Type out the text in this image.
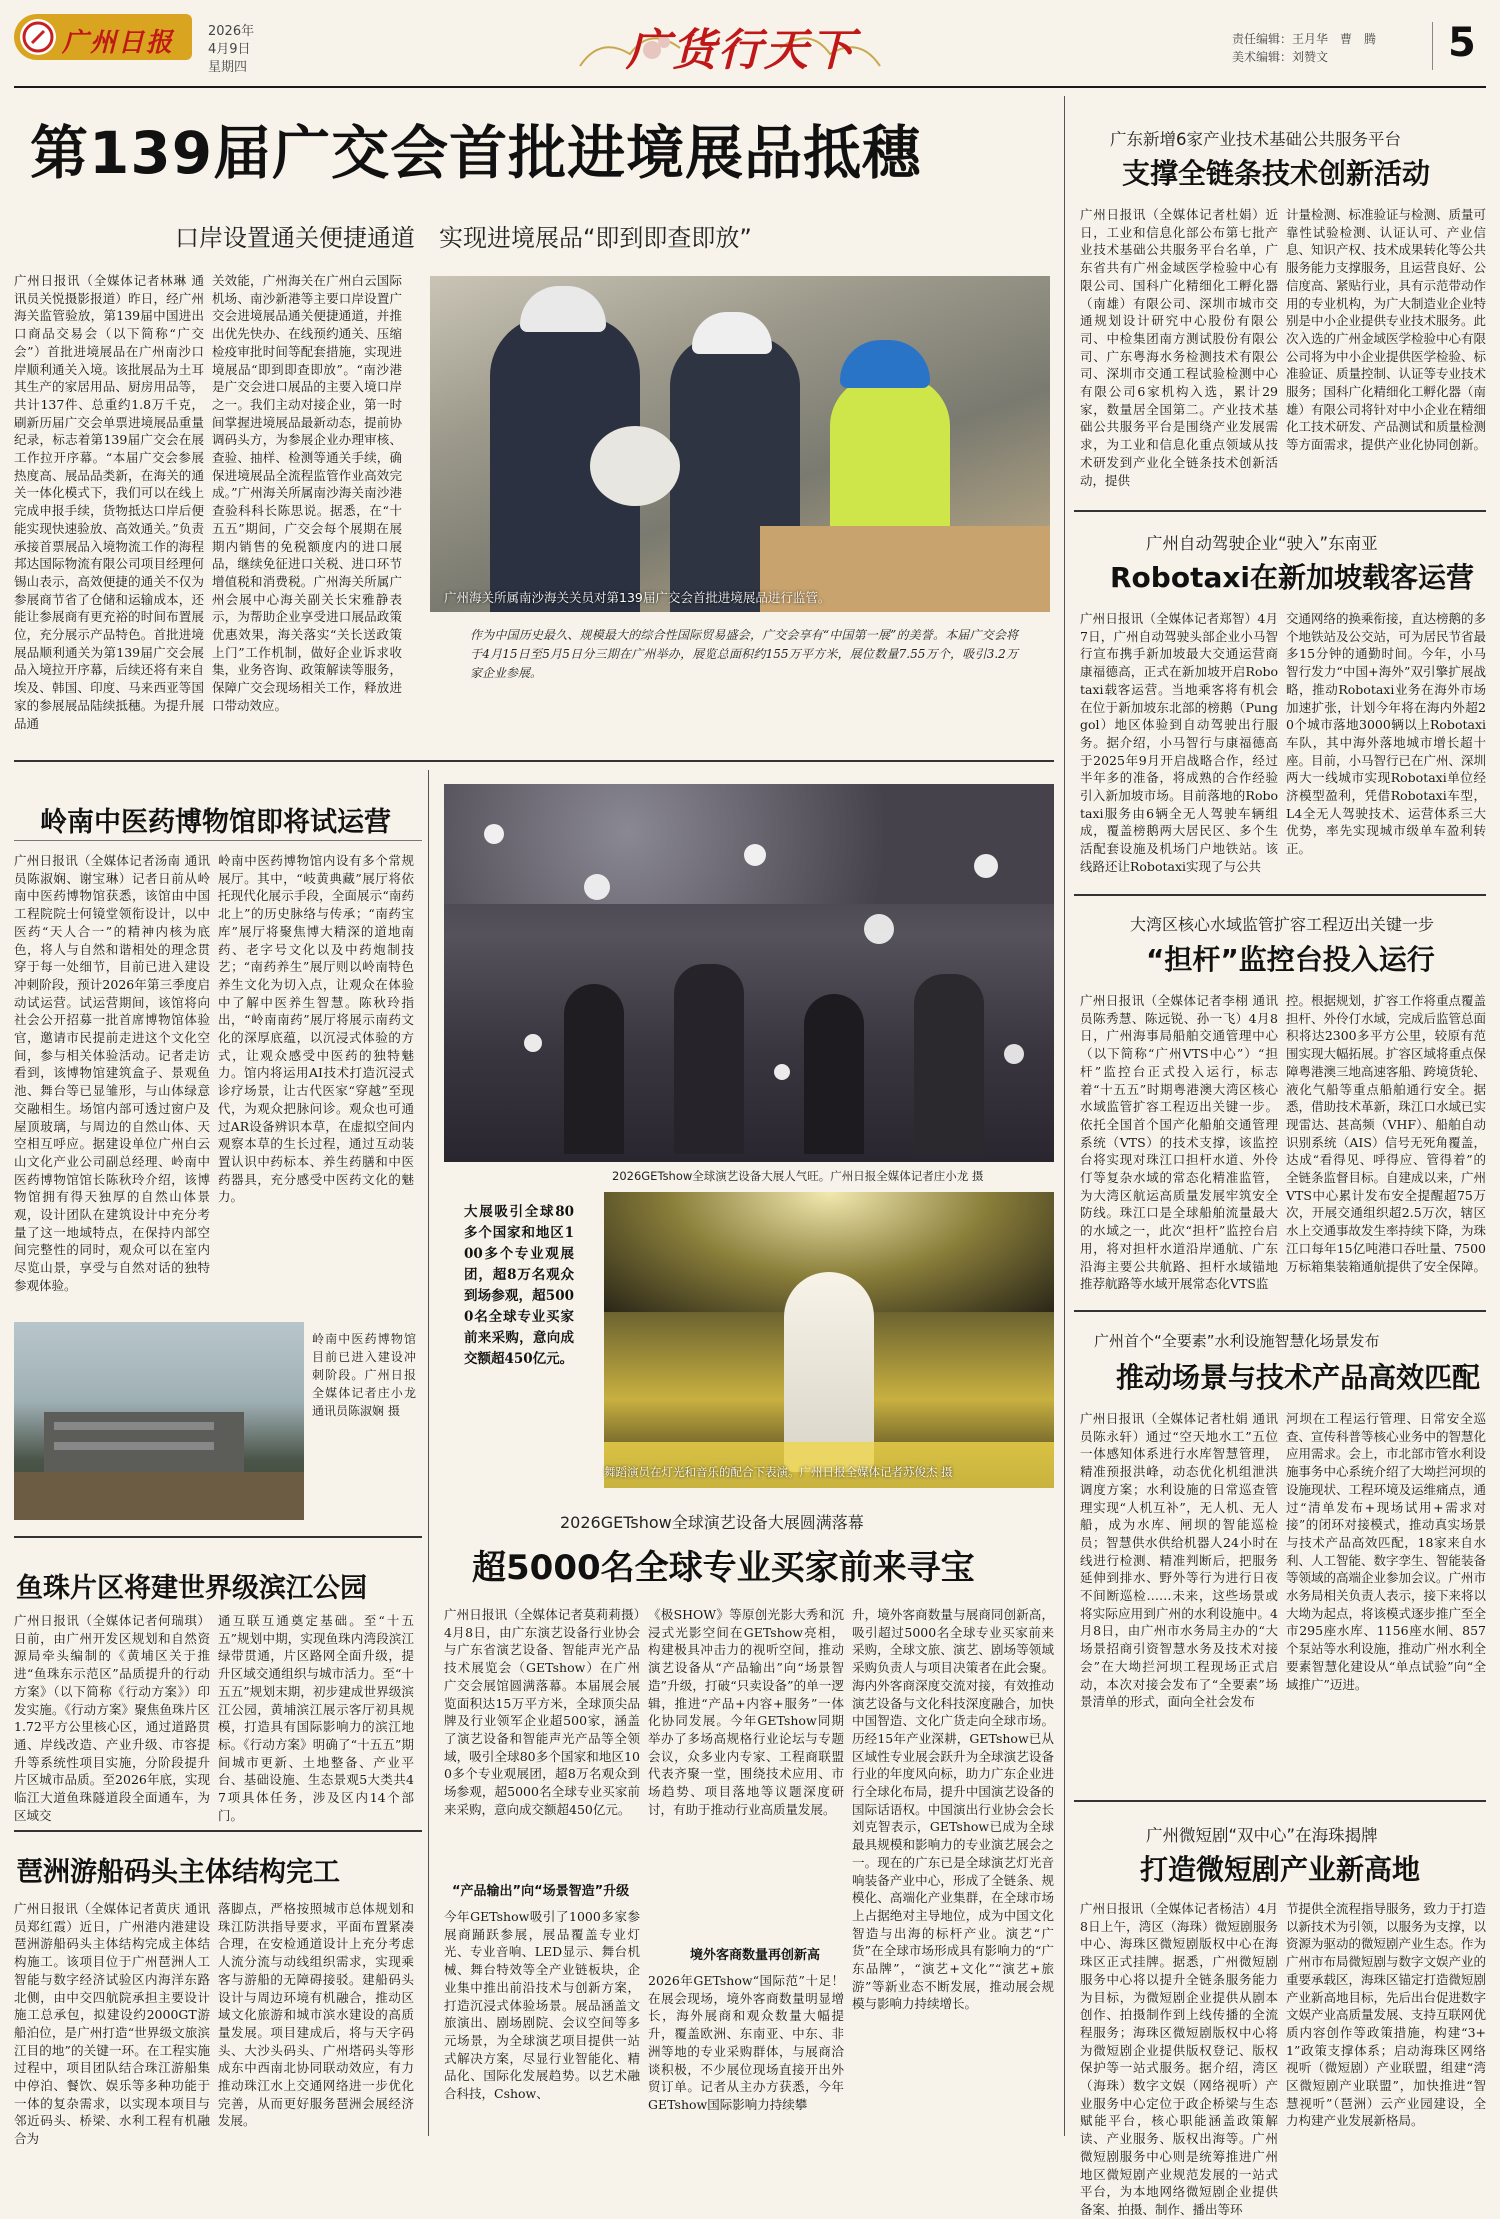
广州日报	2026年
4月9日
星期四	广货行天下	责任编辑：王月华　曹　腾
美术编辑：刘赞文	5
第139届广交会首批进境展品抵穗
口岸设置通关便捷通道　实现进境展品“即到即查即放”
广州日报讯（全媒体记者林琳 通讯员关悦摄影报道）昨日，经广州海关监管验放，第139届中国进出口商品交易会（以下简称“广交会”）首批进境展品在广州南沙口岸顺利通关入境。该批展品为土耳其生产的家居用品、厨房用品等，共计137件、总重约1.8万千克，刷新历届广交会单票进境展品重量纪录，标志着第139届广交会在展工作拉开序幕。“本届广交会参展热度高、展品品类新，在海关的通关一体化模式下，我们可以在线上完成申报手续，货物抵达口岸后便能实现快速验放、高效通关。”负责承接首票展品入境物流工作的海程邦达国际物流有限公司项目经理何锡山表示，高效便捷的通关不仅为参展商节省了仓储和运输成本，还能让参展商有更充裕的时间布置展位，充分展示产品特色。首批进境展品顺利通关为第139届广交会展品入境拉开序幕，后续还将有来自埃及、韩国、印度、马来西亚等国家的参展展品陆续抵穗。为提升展品通
关效能，广州海关在广州白云国际机场、南沙新港等主要口岸设置广交会进境展品通关便捷通道，并推出优先快办、在线预约通关、压缩检疫审批时间等配套措施，实现进境展品“即到即查即放”。“南沙港是广交会进口展品的主要入境口岸之一。我们主动对接企业，第一时间掌握进境展品最新动态，提前协调码头方，为参展企业办理审核、查验、抽样、检测等通关手续，确保进境展品全流程监管作业高效完成。”广州海关所属南沙海关南沙港查验科科长陈思说。据悉，在“十五五”期间，广交会每个展期在展期内销售的免税额度内的进口展品，继续免征进口关税、进口环节增值税和消费税。广州海关所属广州会展中心海关副关长宋雅静表示，为帮助企业享受进口展品政策优惠效果，海关落实“关长送政策上门”工作机制，做好企业诉求收集，业务咨询、政策解读等服务，保障广交会现场相关工作，释放进口带动效应。
广州海关所属南沙海关关员对第139届广交会首批进境展品进行监管。
作为中国历史最久、规模最大的综合性国际贸易盛会，广交会享有“中国第一展”的美誉。本届广交会将于4月15日至5月5日分三期在广州举办，展览总面积约155万平方米，展位数量7.55万个，吸引3.2万家企业参展。
岭南中医药博物馆即将试运营
广州日报讯（全媒体记者汤南 通讯员陈淑娴、谢宝琳）记者日前从岭南中医药博物馆获悉，该馆由中国工程院院士何镜堂领衔设计，以中医药“天人合一”的精神内核为底色，将人与自然和谐相处的理念贯穿于每一处细节，目前已进入建设冲刺阶段，预计2026年第三季度启动试运营。试运营期间，该馆将向社会公开招募一批首席博物馆体验官，邀请市民提前走进这个文化空间，参与相关体验活动。记者走访看到，该博物馆建筑盒子、景观鱼池、舞台等已显雏形，与山体绿意交融相生。场馆内部可透过窗户及屋顶玻璃，与周边的自然山体、天空相互呼应。据建设单位广州白云山文化产业公司副总经理、岭南中医药博物馆馆长陈秋玲介绍，该博物馆拥有得天独厚的自然山体景观，设计团队在建筑设计中充分考量了这一地域特点，在保持内部空间完整性的同时，观众可以在室内尽览山景，享受与自然对话的独特参观体验。
岭南中医药博物馆内设有多个常规展厅。其中，“岐黄典藏”展厅将依托现代化展示手段，全面展示“南药北上”的历史脉络与传承；“南药宝库”展厅将聚焦博大精深的道地南药、老字号文化以及中药炮制技艺；“南药养生”展厅则以岭南特色养生文化为切入点，让观众在体验中了解中医养生智慧。陈秋玲指出，“岭南南药”展厅将展示南药文化的深厚底蕴，以沉浸式体验的方式，让观众感受中医药的独特魅力。馆内将运用AI技术打造沉浸式诊疗场景，让古代医家“穿越”至现代，为观众把脉问诊。观众也可通过AR设备辨识本草，在虚拟空间内观察本草的生长过程，通过互动装置认识中药标本、养生药膳和中医药器具，充分感受中医药文化的魅力。
岭南中医药博物馆目前已进入建设冲刺阶段。广州日报全媒体记者庄小龙 通讯员陈淑娴 摄
鱼珠片区将建世界级滨江公园
广州日报讯（全媒体记者何瑞琪）日前，由广州开发区规划和自然资源局牵头编制的《黄埔区关于推进“鱼珠东示范区”品质提升的行动方案》（以下简称《行动方案》）印发实施。《行动方案》聚焦鱼珠片区1.72平方公里核心区，通过道路贯通、岸线改造、产业升级、市容提升等系统性项目实施，分阶段提升片区城市品质。至2026年底，实现临江大道鱼珠隧道段全面通车，为区域交
通互联互通奠定基础。至“十五五”规划中期，实现鱼珠内湾段滨江绿带贯通，片区路网全面升级，提升区域交通组织与城市活力。至“十五五”规划末期，初步建成世界级滨江公园，黄埔滨江展示客厅初具规模，打造具有国际影响力的滨江地标。《行动方案》明确了“十五五”期间城市更新、土地整备、产业平台、基础设施、生态景观5大类共47项具体任务，涉及区内14个部门。
琶洲游船码头主体结构完工
广州日报讯（全媒体记者黄庆 通讯员郑红霞）近日，广州港内港建设琶洲游船码头主体结构完成主体结构施工。该项目位于广州琶洲人工智能与数字经济试验区内海洋东路北侧，由中交四航院承担主要设计施工总承包，拟建设约2000GT游船泊位，是广州打造“世界级文旅滨江目的地”的关键一环。在工程实施过程中，项目团队结合珠江游船集中停泊、餐饮、娱乐等多种功能于一体的复杂需求，以实现本项目与邻近码头、桥梁、水利工程有机融合为
落脚点，严格按照城市总体规划和珠江防洪指导要求，平面布置紧凑合理，在安检通道设计上充分考虑人流分流与动线组织需求，实现乘客与游船的无障碍接驳。建船码头设计与周边环境有机融合，推动区域文化旅游和城市滨水建设的高质量发展。项目建成后，将与天字码头、大沙头码头、广州塔码头等形成东中西南北协同联动效应，有力推动珠江水上交通网络进一步优化完善，从而更好服务琶洲会展经济发展。
2026GETshow全球演艺设备大展人气旺。广州日报全媒体记者庄小龙 摄
大展吸引全球80多个国家和地区100多个专业观展团，超8万名观众到场参观，超5000名全球专业买家前来采购，意向成交额超450亿元。
舞蹈演员在灯光和音乐的配合下表演。广州日报全媒体记者苏俊杰 摄
2026GETshow全球演艺设备大展圆满落幕
超5000名全球专业买家前来寻宝
广州日报讯（全媒体记者莫莉莉摄）4月8日，由广东演艺设备行业协会与广东省演艺设备、智能声光产品技术展览会（GETshow）在广州广交会展馆圆满落幕。本届展会展览面积达15万平方米，全球顶尖品牌及行业领军企业超500家，涵盖了演艺设备和智能声光产品等全领域，吸引全球80多个国家和地区100多个专业观展团，超8万名观众到场参观，超5000名全球专业买家前来采购，意向成交额超450亿元。
“产品输出”向“场景智造”升级
今年GETshow吸引了1000多家参展商踊跃参展，展品覆盖专业灯光、专业音响、LED显示、舞台机械、舞台特效等全产业链板块，企业集中推出前沿技术与创新方案，打造沉浸式体验场景。展品涵盖文旅演出、剧场剧院、会议空间等多元场景，为全球演艺项目提供一站式解决方案，尽显行业智能化、精品化、国际化发展趋势。以艺术融合科技，Cshow、
《极SHOW》等原创光影大秀和沉浸式光影空间在GETshow亮相，构建极具冲击力的视听空间，推动演艺设备从“产品输出”向“场景智造”升级，打破“只卖设备”的单一逻辑，推进“产品+内容+服务”一体化协同发展。今年GETshow同期举办了多场高规格行业论坛与专题会议，众多业内专家、工程商联盟代表齐聚一堂，围绕技术应用、市场趋势、项目落地等议题深度研讨，有助于推动行业高质量发展。
境外客商数量再创新高
2026年GETshow“国际范”十足！在展会现场，境外客商数量明显增长，海外展商和观众数量大幅提升，覆盖欧洲、东南亚、中东、非洲等地的专业采购群体，与展商洽谈积极，不少展位现场直接开出外贸订单。记者从主办方获悉，今年GETshow国际影响力持续攀
升，境外客商数量与展商同创新高，吸引超过5000名全球专业买家前来采购，全球文旅、演艺、剧场等领域采购负责人与项目决策者在此会聚。海内外客商深度交流对接，有效推动演艺设备与文化科技深度融合，加快中国智造、文化广货走向全球市场。历经15年产业深耕，GETshow已从区域性专业展会跃升为全球演艺设备行业的年度风向标，助力广东企业进行全球化布局，提升中国演艺设备的国际话语权。中国演出行业协会会长刘克智表示，GETshow已成为全球最具规模和影响力的专业演艺展会之一。现在的广东已是全球演艺灯光音响装备产业中心，形成了全链条、规模化、高端化产业集群，在全球市场上占据绝对主导地位，成为中国文化智造与出海的标杆产业。演艺“广货”在全球市场形成具有影响力的“广东品牌”，“演艺+文化”“演艺+旅游”等新业态不断发展，推动展会规模与影响力持续增长。
广东新增6家产业技术基础公共服务平台
支撑全链条技术创新活动
广州日报讯（全媒体记者杜娟）近日，工业和信息化部公布第七批产业技术基础公共服务平台名单，广东省共有广州金域医学检验中心有限公司、国科广化精细化工孵化器（南雄）有限公司、深圳市城市交通规划设计研究中心股份有限公司、中检集团南方测试股份有限公司、广东粤海水务检测技术有限公司、深圳市交通工程试验检测中心有限公司6家机构入选，累计29家，数量居全国第二。产业技术基础公共服务平台是围绕产业发展需求，为工业和信息化重点领域从技术研发到产业化全链条技术创新活动，提供
计量检测、标准验证与检测、质量可靠性试验检测、认证认可、产业信息、知识产权、技术成果转化等公共服务能力支撑服务，且运营良好、公信度高、紧贴行业，具有示范带动作用的专业机构，为广大制造业企业特别是中小企业提供专业技术服务。此次入选的广州金域医学检验中心有限公司将为中小企业提供医学检验、标准验证、质量控制、认证等专业技术服务；国科广化精细化工孵化器（南雄）有限公司将针对中小企业在精细化工技术研发、产品测试和质量检测等方面需求，提供产业化协同创新。
广州自动驾驶企业“驶入”东南亚
Robotaxi在新加坡载客运营
广州日报讯（全媒体记者郑智）4月7日，广州自动驾驶头部企业小马智行宣布携手新加坡最大交通运营商康福德高，正式在新加坡开启Robotaxi载客运营。当地乘客将有机会在位于新加坡东北部的榜鹅（Punggol）地区体验到自动驾驶出行服务。据介绍，小马智行与康福德高于2025年9月开启战略合作，经过半年多的准备，将成熟的合作经验引入新加坡市场。目前落地的Robotaxi服务由6辆全无人驾驶车辆组成，覆盖榜鹅两大居民区、多个生活配套设施及机场门户地铁站。该线路还让Robotaxi实现了与公共
交通网络的换乘衔接，直达榜鹅的多个地铁站及公交站，可为居民节省最多15分钟的通勤时间。今年，小马智行发力“中国+海外”双引擎扩展战略，推动Robotaxi业务在海外市场加速扩张，计划今年将在海内外超20个城市落地3000辆以上Robotaxi车队，其中海外落地城市增长超十座。目前，小马智行已在广州、深圳两大一线城市实现Robotaxi单位经济模型盈利，凭借Robotaxi车型，L4全无人驾驶技术、运营体系三大优势，率先实现城市级单车盈利转正。
大湾区核心水域监管扩容工程迈出关键一步
“担杆”监控台投入运行
广州日报讯（全媒体记者李栩 通讯员陈秀慧、陈远锐、孙一飞）4月8日，广州海事局船舶交通管理中心（以下简称“广州VTS中心”）“担杆”监控台正式投入运行，标志着“十五五”时期粤港澳大湾区核心水域监管扩容工程迈出关键一步。依托全国首个国产化船舶交通管理系统（VTS）的技术支撑，该监控台将实现对珠江口担杆水道、外伶仃等复杂水域的常态化精准监管，为大湾区航运高质量发展牢筑安全防线。珠江口是全球船舶流量最大的水域之一，此次“担杆”监控台启用，将对担杆水道沿岸通航、广东沿海主要公共航路、担杆水域锚地推荐航路等水域开展常态化VTS监
控。根据规划，扩容工作将重点覆盖担杆、外伶仃水域，完成后监管总面积将达2300多平方公里，较原有范围实现大幅拓展。扩容区域将重点保障粤港澳三地高速客船、跨境货轮、液化气船等重点船舶通行安全。据悉，借助技术革新，珠江口水域已实现雷达、甚高频（VHF）、船舶自动识别系统（AIS）信号无死角覆盖，达成“看得见、呼得应、管得着”的全链条监督目标。自建成以来，广州VTS中心累计发布安全提醒超75万次，开展交通组织超2.5万次，辖区水上交通事故发生率持续下降，为珠江口每年15亿吨港口吞吐量、7500万标箱集装箱通航提供了安全保障。
广州首个“全要素”水利设施智慧化场景发布
推动场景与技术产品高效匹配
广州日报讯（全媒体记者杜娟 通讯员陈永轩）通过“空天地水工”五位一体感知体系进行水库智慧管理，精准预报洪峰，动态优化机组泄洪调度方案；水利设施的日常巡查管理实现“人机互补”，无人机、无人船，成为水库、闸坝的智能巡检员；智慧供水供给机器人24小时在线进行检测、精准判断后，把服务延伸到排水、野外等行为进行日夜不间断巡检……未来，这些场景或将实际应用到广州的水利设施中。4月8日，由广州市水务局主办的“大场景招商引资智慧水务及技术对接会”在大坳拦河坝工程现场正式启动，本次对接会发布了“全要素”场景清单的形式，面向全社会发布
河坝在工程运行管理、日常安全巡查、宣传科普等核心业务中的智慧化应用需求。会上，市北部市管水利设施事务中心系统介绍了大坳拦河坝的设施现状、工程环境及运维痛点，通过“清单发布+现场试用+需求对接”的闭环对接模式，推动真实场景与技术产品高效匹配，18家来自水利、人工智能、数字孪生、智能装备等领域的高端企业参加会议。广州市水务局相关负责人表示，接下来将以大坳为起点，将该模式逐步推广至全市295座水库、1156座水闸、857个泵站等水利设施，推动广州水利全要素智慧化建设从“单点试验”向“全域推广”迈进。
广州微短剧“双中心”在海珠揭牌
打造微短剧产业新高地
广州日报讯（全媒体记者杨洁）4月8日上午，湾区（海珠）微短剧服务中心、海珠区微短剧版权中心在海珠区正式挂牌。据悉，广州微短剧服务中心将以提升全链条服务能力为目标，为微短剧企业提供从剧本创作、拍摄制作到上线传播的全流程服务；海珠区微短剧版权中心将为微短剧企业提供版权登记、版权保护等一站式服务。据介绍，湾区（海珠）数字文娱（网络视听）产业服务中心定位于政企桥梁与生态赋能平台，核心职能涵盖政策解读、产业服务、版权出海等。广州微短剧服务中心则是统筹推进广州地区微短剧产业规范发展的一站式平台，为本地网络微短剧企业提供备案、拍摄、制作、播出等环
节提供全流程指导服务，致力于打造以新技术为引领，以服务为支撑，以资源为驱动的微短剧产业生态。作为广州市布局微短剧与数字文娱产业的重要承载区，海珠区锚定打造微短剧产业新高地目标，先后出台促进数字文娱产业高质量发展、支持互联网优质内容创作等政策措施，构建“3+1”政策支撑体系；启动海珠区网络视听（微短剧）产业联盟，组建“湾区微短剧产业联盟”，加快推进“智慧视听”（琶洲）云产业园建设，全力构建产业发展新格局。
